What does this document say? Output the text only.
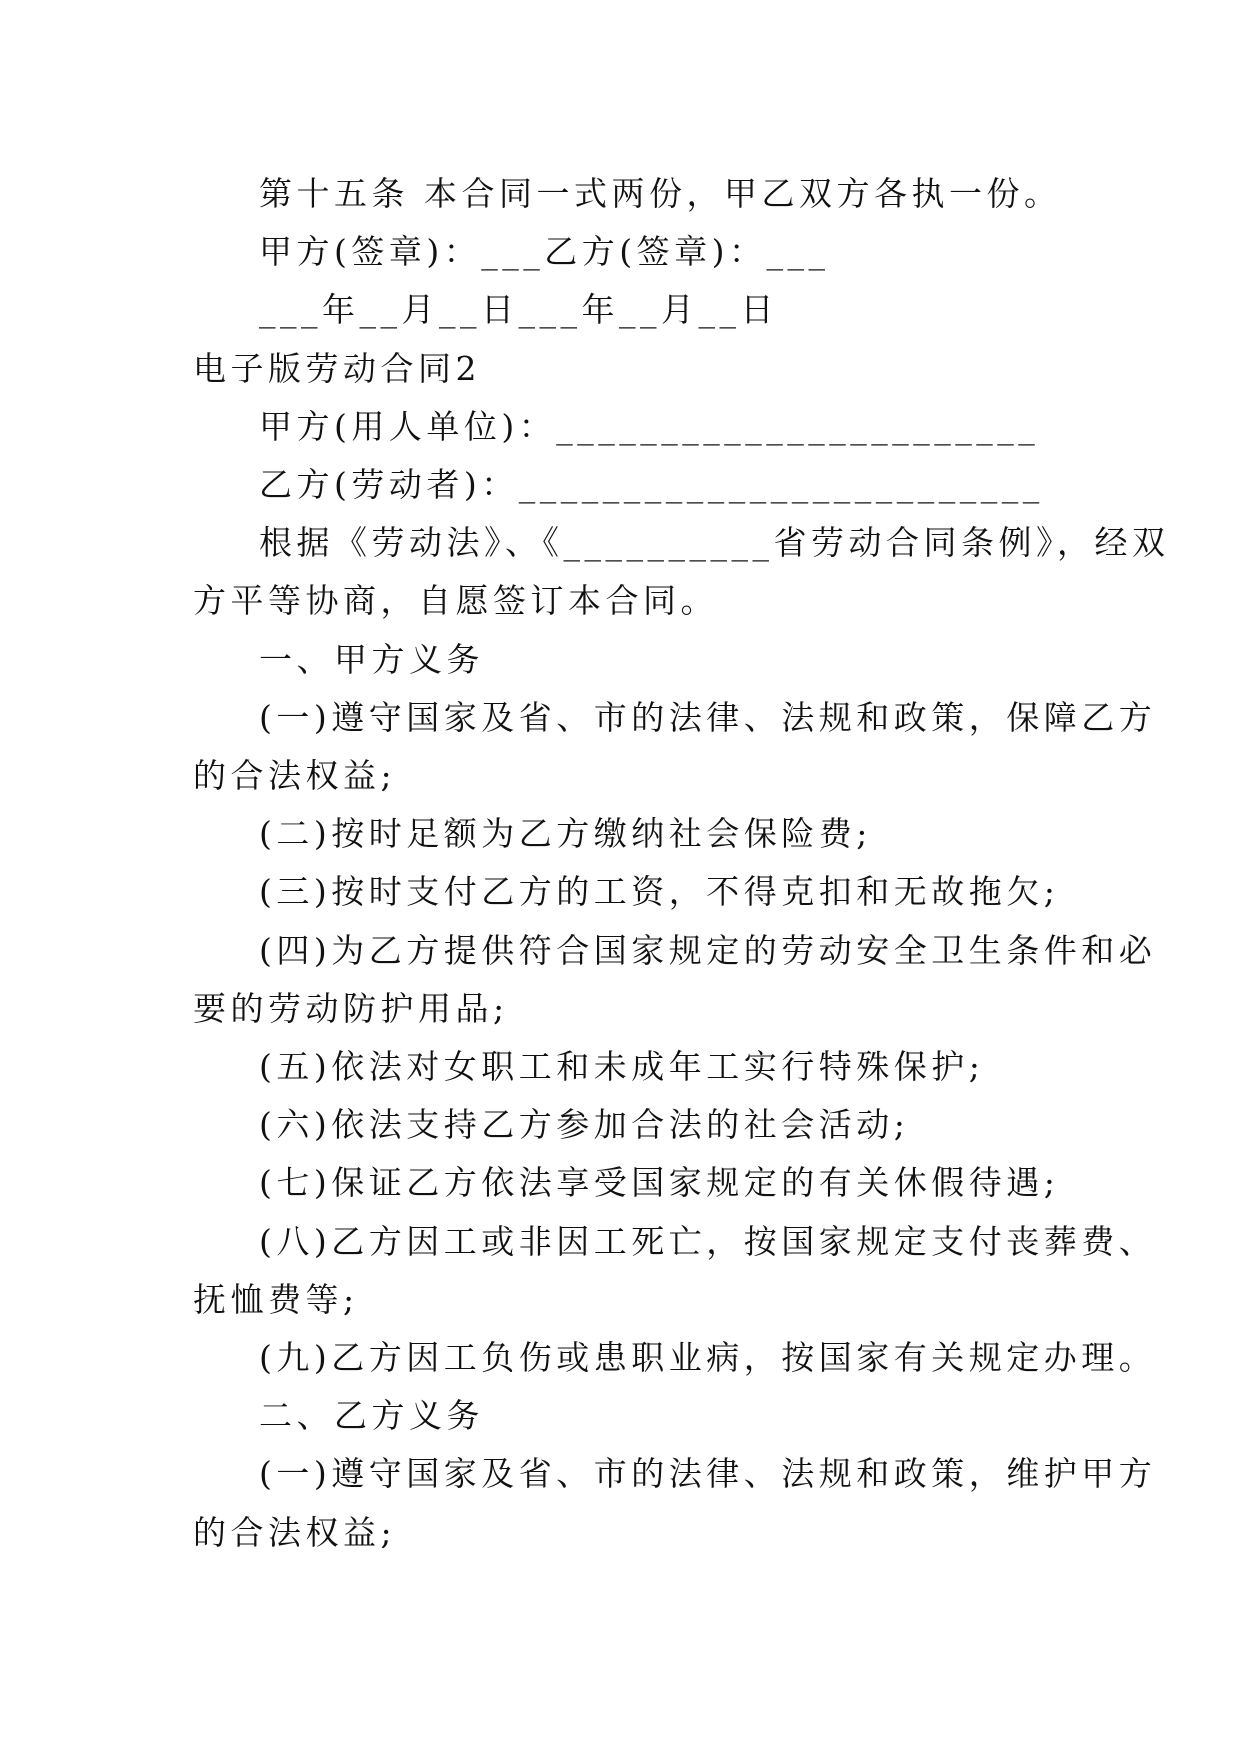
第十五条 本合同一式两份，甲乙双方各执一份。
甲方(签章)：___乙方(签章)：___
___年__月__日___年__月__日
电子版劳动合同2
甲方(用人单位)：_______________________
乙方(劳动者)：_________________________
根据《劳动法》、《__________省劳动合同条例》，经双
方平等协商，自愿签订本合同。
一、甲方义务
(一)遵守国家及省、市的法律、法规和政策，保障乙方
的合法权益;
(二)按时足额为乙方缴纳社会保险费;
(三)按时支付乙方的工资，不得克扣和无故拖欠;
(四)为乙方提供符合国家规定的劳动安全卫生条件和必
要的劳动防护用品;
(五)依法对女职工和未成年工实行特殊保护;
(六)依法支持乙方参加合法的社会活动;
(七)保证乙方依法享受国家规定的有关休假待遇;
(八)乙方因工或非因工死亡，按国家规定支付丧葬费、
抚恤费等;
(九)乙方因工负伤或患职业病，按国家有关规定办理。
二、乙方义务
(一)遵守国家及省、市的法律、法规和政策，维护甲方
的合法权益;
